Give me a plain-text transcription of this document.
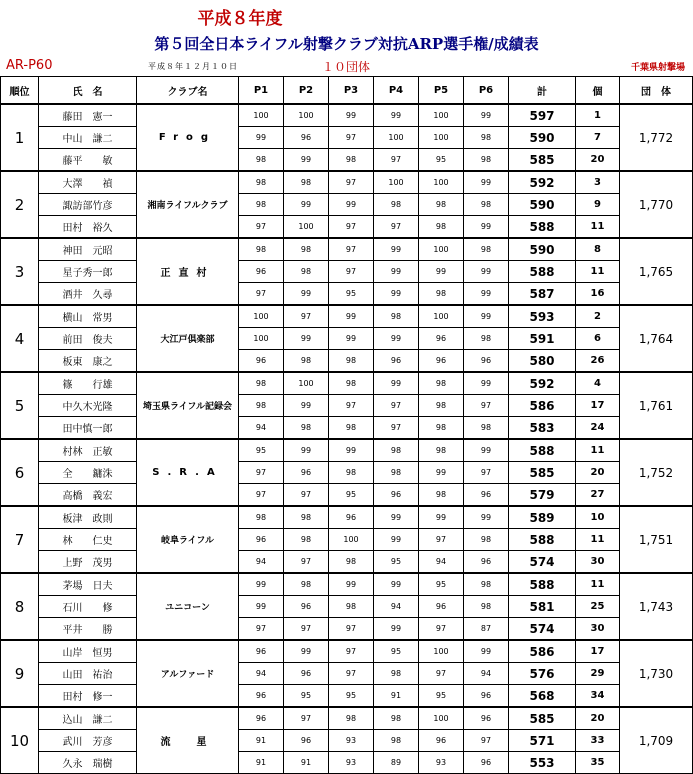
平成８年度
第５回全日本ライフル射撃クラブ対抗ARP選手権/成績表
AR-P60	平成８年１２月１０日	１０団体	千葉県射撃場
順位	氏　名	クラブ名	P1	P2	P3	P4	P5	P6	計	個	団　体
1	藤田　憲一	Frog	100	100	99	99	100	99	597	1	1,772
	中山　謙二		99	96	97	100	100	98	590	7	
	藤平　　敏		98	99	98	97	95	98	585	20	
2	大澤　　禎	湘南ライフルクラブ	98	98	97	100	100	99	592	3	1,770
	諏訪部竹彦		98	99	99	98	98	98	590	9	
	田村　裕久		97	100	97	97	98	99	588	11	
3	神田　元昭	正直村	98	98	97	99	100	98	590	8	1,765
	星子秀一郎		96	98	97	99	99	99	588	11	
	酒井　久尋		97	99	95	99	98	99	587	16	
4	横山　常男	大江戸倶楽部	100	97	99	98	100	99	593	2	1,764
	前田　俊夫		100	99	99	99	96	98	591	6	
	板東　康之		96	98	98	96	96	96	580	26	
5	篠　　行雄	埼玉県ライフル記録会	98	100	98	99	98	99	592	4	1,761
	中久木光隆		98	99	97	97	98	97	586	17	
	田中慎一郎		94	98	98	97	98	98	583	24	
6	村林　正敏	S.R.A	95	99	99	98	98	99	588	11	1,752
	全　　鏞洙		97	96	98	98	99	97	585	20	
	高橋　義宏		97	97	95	96	98	96	579	27	
7	板津　政則	岐阜ライフル	98	98	96	99	99	99	589	10	1,751
	林　　仁史		96	98	100	99	97	98	588	11	
	上野　茂男		94	97	98	95	94	96	574	30	
8	茅場　日夫	ユニコーン	99	98	99	99	95	98	588	11	1,743
	石川　　修		99	96	98	94	96	98	581	25	
	平井　　勝		97	97	97	99	97	87	574	30	
9	山岸　恒男	アルファード	96	99	97	95	100	99	586	17	1,730
	山田　祐治		94	96	97	98	97	94	576	29	
	田村　修一		96	95	95	91	95	96	568	34	
10	込山　謙二	流　星	96	97	98	98	100	96	585	20	1,709
	武川　芳彦		91	96	93	98	96	97	571	33	
	久永　瑞樹		91	91	93	89	93	96	553	35	
